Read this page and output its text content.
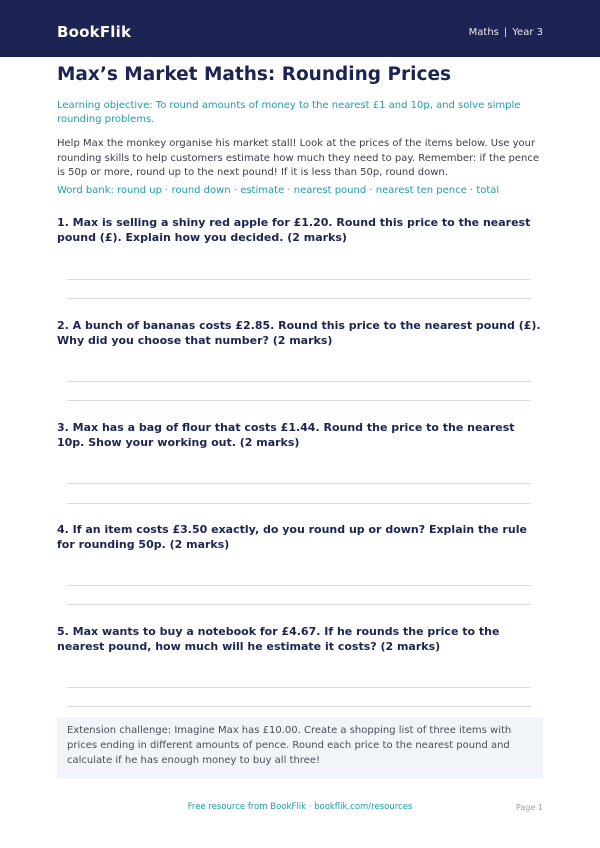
BookFlik	Maths | Year 3
Max’s Market Maths: Rounding Prices
Learning objective: To round amounts of money to the nearest £1 and 10p, and solve simple rounding problems.
Help Max the monkey organise his market stall! Look at the prices of the items below. Use your rounding skills to help customers estimate how much they need to pay. Remember: if the pence is 50p or more, round up to the next pound! If it is less than 50p, round down.
Word bank: round up · round down · estimate · nearest pound · nearest ten pence · total
1. Max is selling a shiny red apple for £1.20. Round this price to the nearest pound (£). Explain how you decided. (2 marks)
2. A bunch of bananas costs £2.85. Round this price to the nearest pound (£). Why did you choose that number? (2 marks)
3. Max has a bag of flour that costs £1.44. Round the price to the nearest 10p. Show your working out. (2 marks)
4. If an item costs £3.50 exactly, do you round up or down? Explain the rule for rounding 50p. (2 marks)
5. Max wants to buy a notebook for £4.67. If he rounds the price to the nearest pound, how much will he estimate it costs? (2 marks)
Extension challenge: Imagine Max has £10.00. Create a shopping list of three items with prices ending in different amounts of pence. Round each price to the nearest pound and calculate if he has enough money to buy all three!
Free resource from BookFlik · bookflik.com/resources	Page 1
